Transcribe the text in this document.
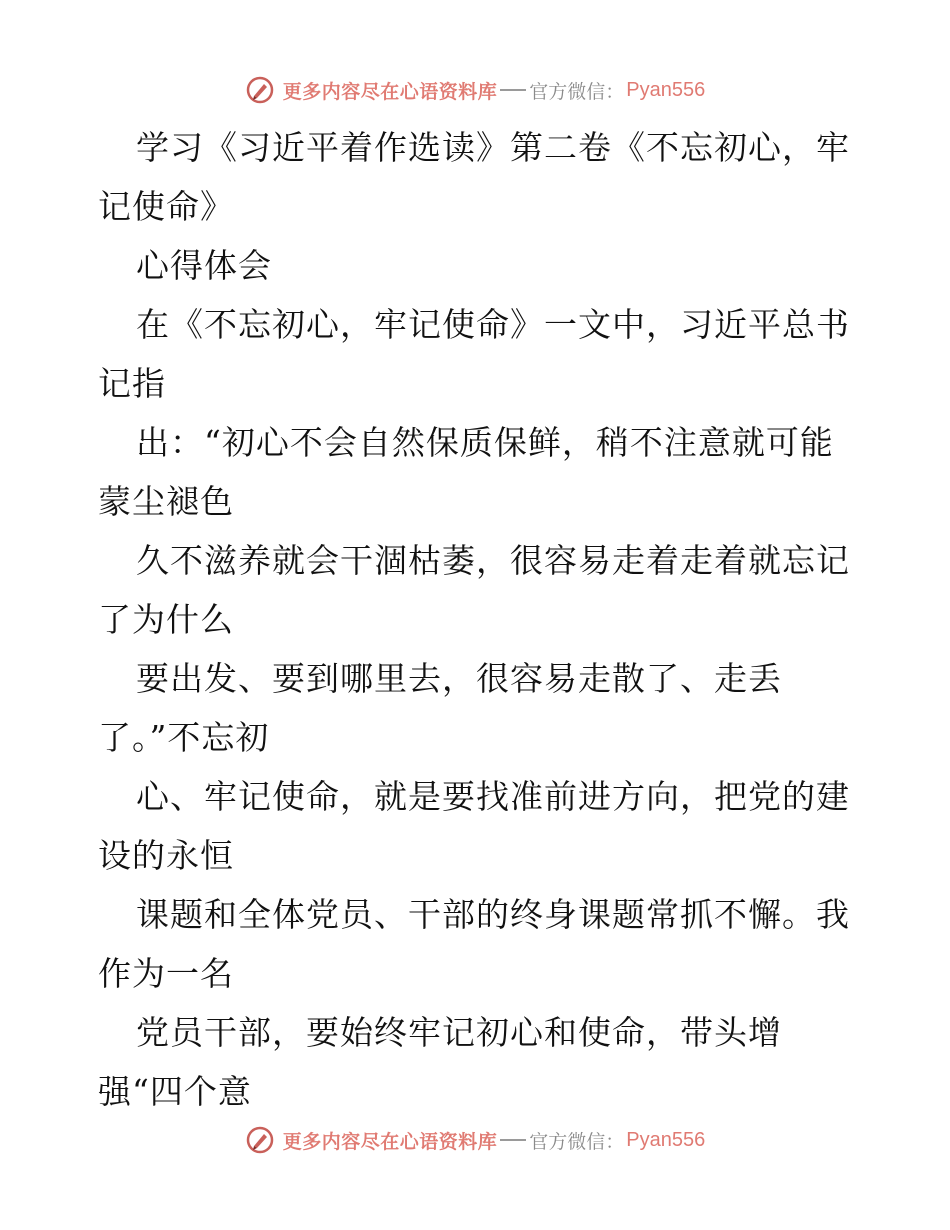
更多内容尽在心语资料库 官方微信： Pyan556
学习《习近平着作选读》第二卷《不忘初心，牢
记使命》
心得体会
在《不忘初心，牢记使命》一文中，习近平总书
记指
出：“初心不会自然保质保鲜，稍不注意就可能
蒙尘褪色
久不滋养就会干涸枯萎，很容易走着走着就忘记
了为什么
要出发、要到哪里去，很容易走散了、走丢
了。”不忘初
心、牢记使命，就是要找准前进方向，把党的建
设的永恒
课题和全体党员、干部的终身课题常抓不懈。我
作为一名
党员干部，要始终牢记初心和使命，带头增
强“四个意
更多内容尽在心语资料库 官方微信： Pyan556
